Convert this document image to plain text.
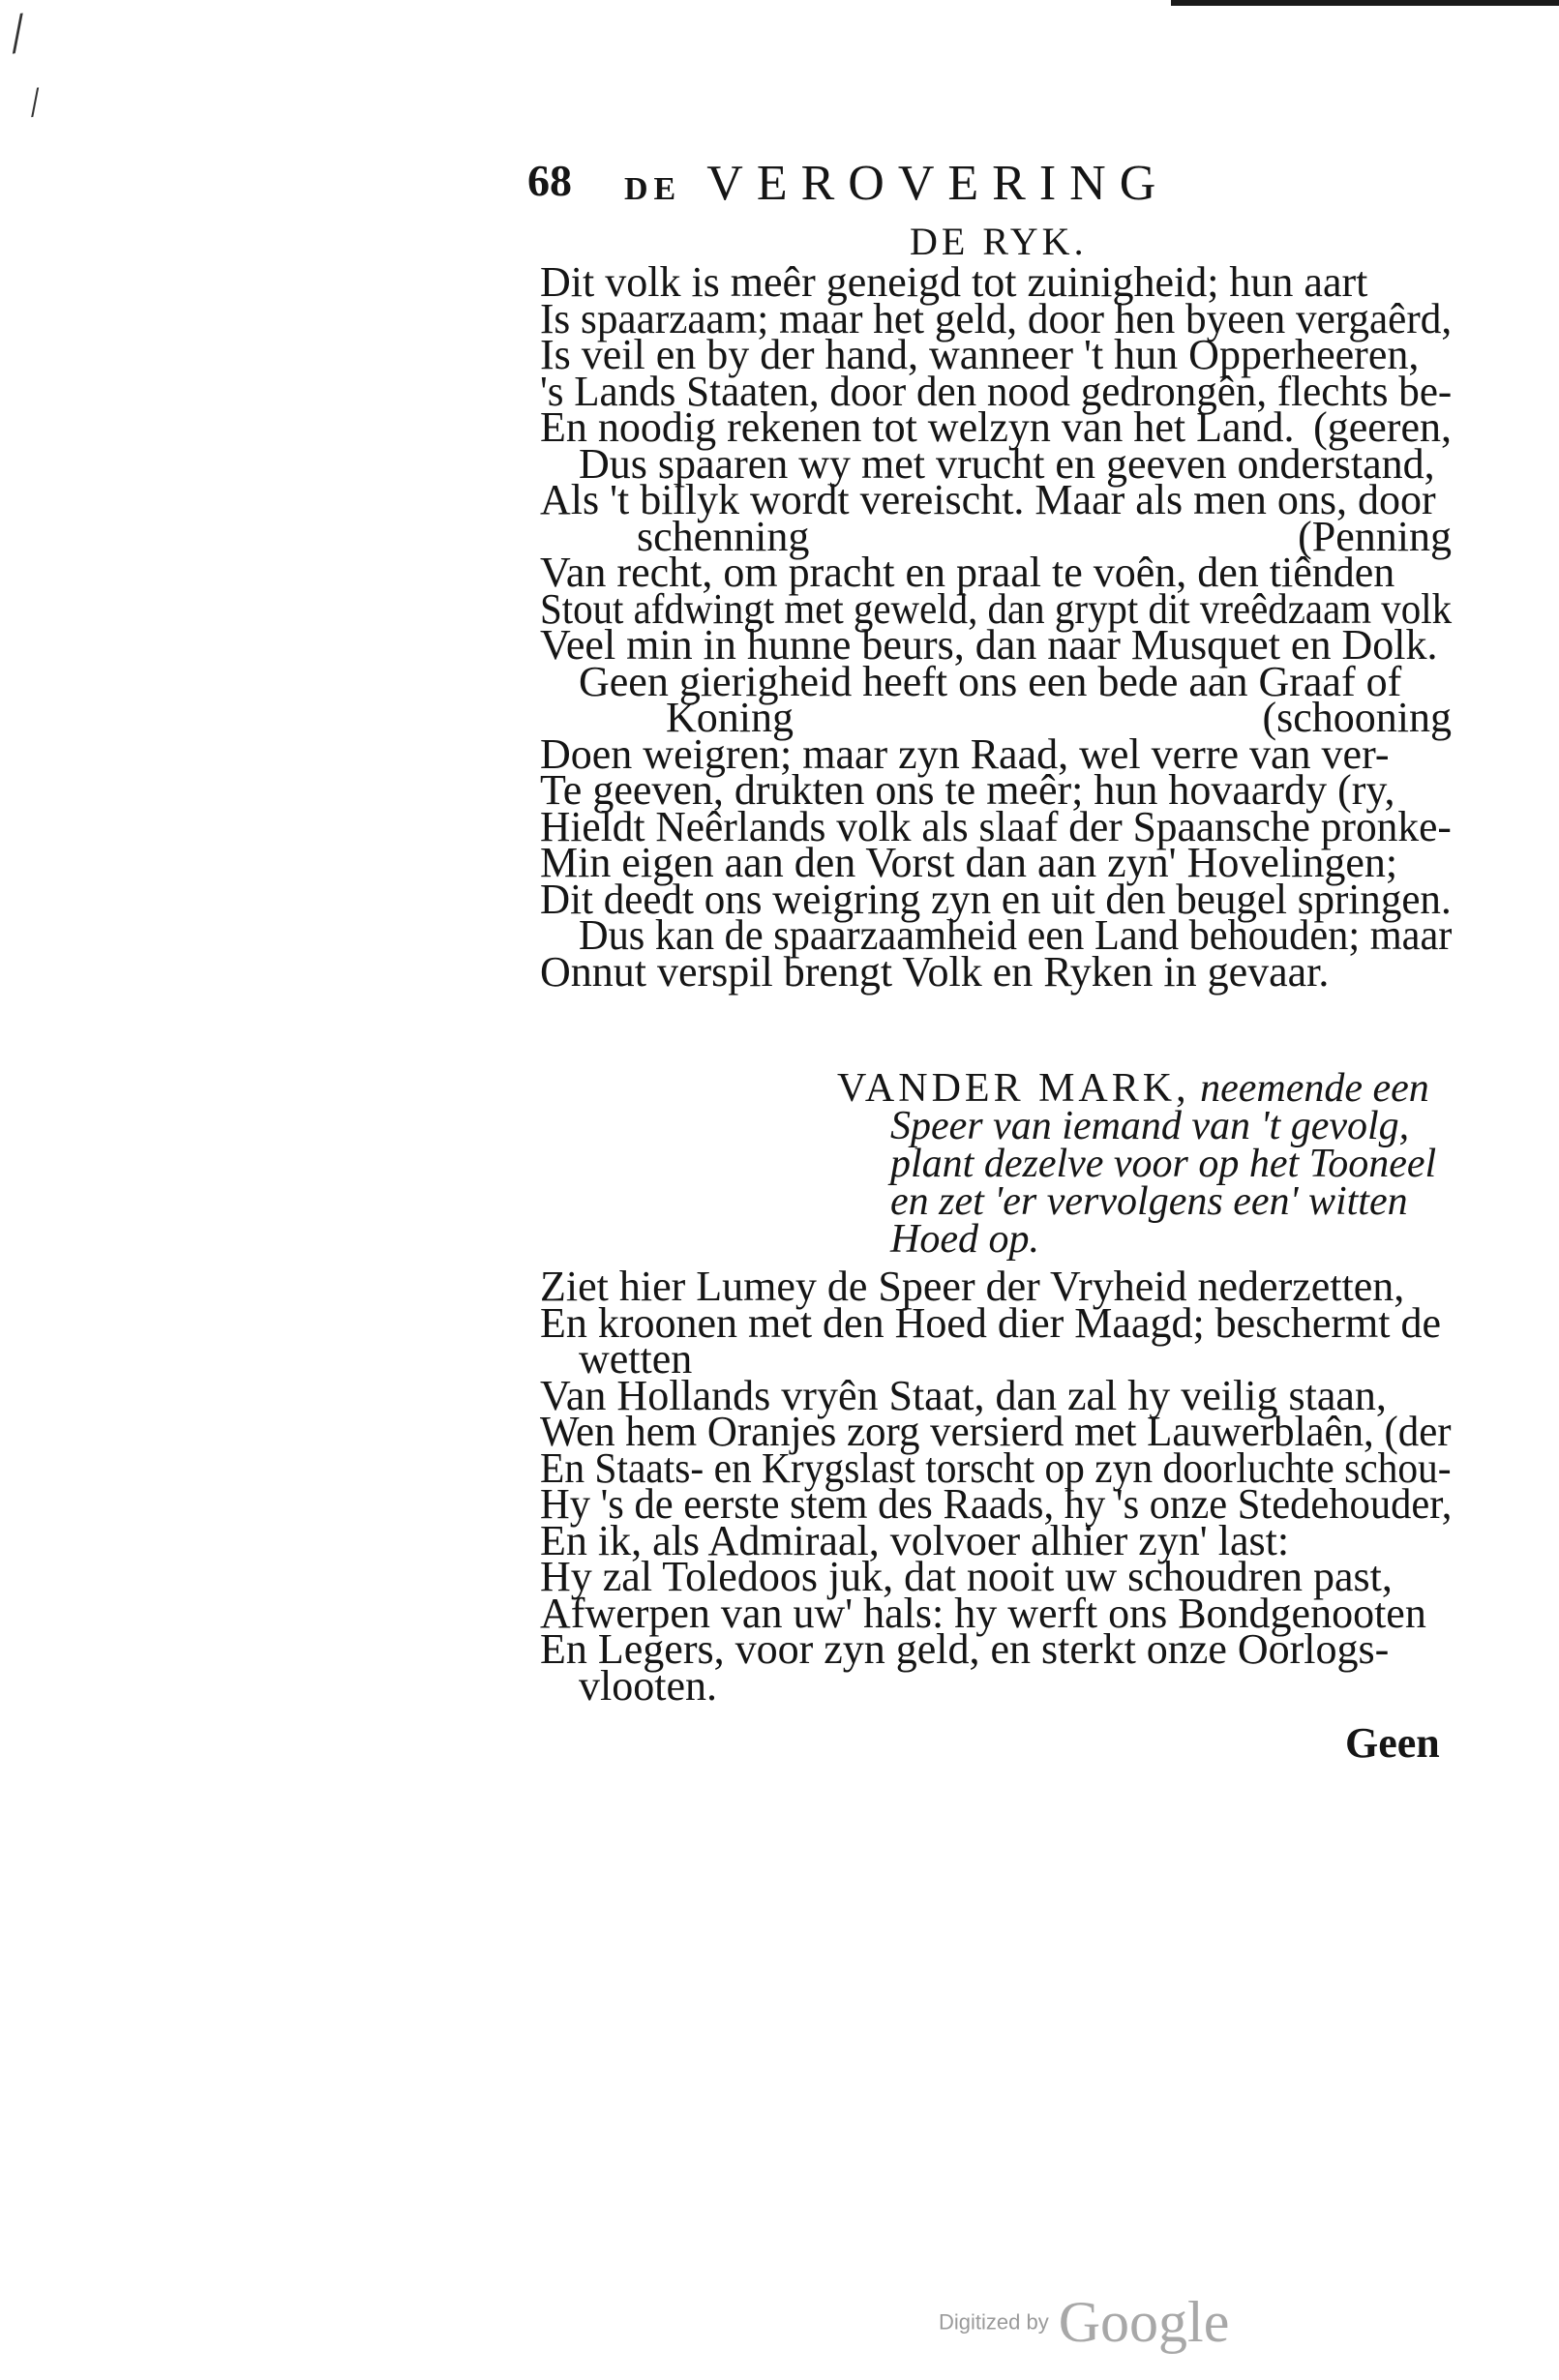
/
/
68 DE VEROVERING
DE RYK.
Dit volk is meêr geneigd tot zuinigheid; hun aart
Is spaarzaam; maar het geld, door hen byeen vergaêrd,
Is veil en by der hand, wanneer 't hun Opperheeren,
's Lands Staaten, door den nood gedrongên, flechts be-
En noodig rekenen tot welzyn van het Land. (geeren,
Dus spaaren wy met vrucht en geeven onderstand,
Als 't billyk wordt vereischt. Maar als men ons, door
schenning	(Penning
Van recht, om pracht en praal te voên, den tiênden
Stout afdwingt met geweld, dan grypt dit vreêdzaam volk
Veel min in hunne beurs, dan naar Musquet en Dolk.
Geen gierigheid heeft ons een bede aan Graaf of
Koning	(schooning
Doen weigren; maar zyn Raad, wel verre van ver-
Te geeven, drukten ons te meêr; hun hovaardy (ry,
Hieldt Neêrlands volk als slaaf der Spaansche pronke-
Min eigen aan den Vorst dan aan zyn' Hovelingen;
Dit deedt ons weigring zyn en uit den beugel springen.
Dus kan de spaarzaamheid een Land behouden; maar
Onnut verspil brengt Volk en Ryken in gevaar.
VANDER MARK, neemende een
Speer van iemand van 't gevolg,
plant dezelve voor op het Tooneel
en zet 'er vervolgens een' witten
Hoed op.
Ziet hier Lumey de Speer der Vryheid nederzetten,
En kroonen met den Hoed dier Maagd; beschermt de
wetten
Van Hollands vryên Staat, dan zal hy veilig staan,
Wen hem Oranjes zorg versierd met Lauwerblaên, (der
En Staats- en Krygslast torscht op zyn doorluchte schou-
Hy 's de eerste stem des Raads, hy 's onze Stedehouder,
En ik, als Admiraal, volvoer alhier zyn' last:
Hy zal Toledoos juk, dat nooit uw schoudren past,
Afwerpen van uw' hals: hy werft ons Bondgenooten
En Legers, voor zyn geld, en sterkt onze Oorlogs-
vlooten.
Geen
Digitized by Google
